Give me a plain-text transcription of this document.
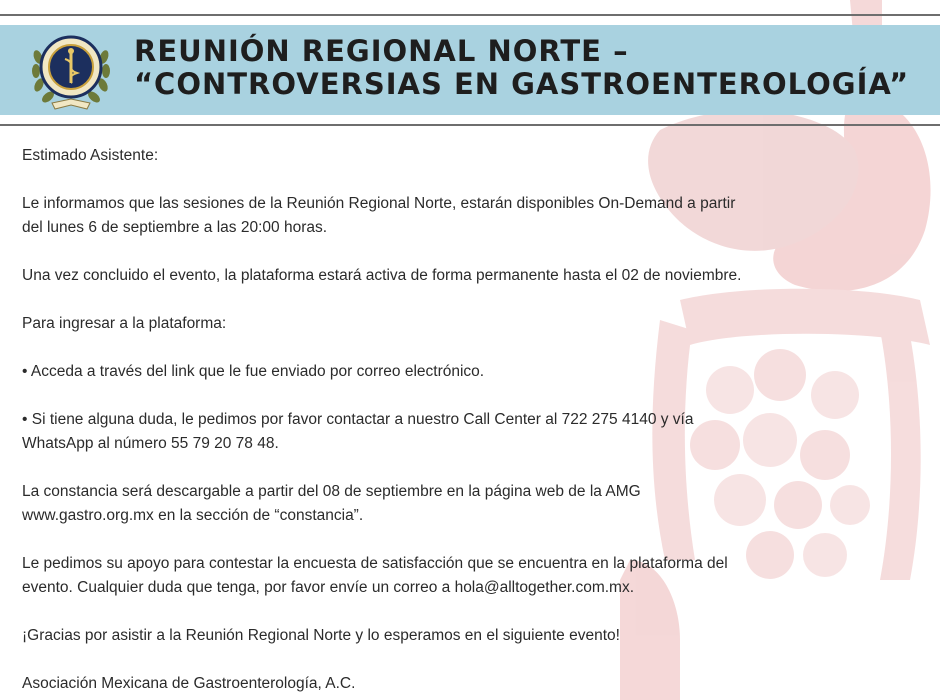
REUNIÓN REGIONAL NORTE –
“CONTROVERSIAS EN GASTROENTEROLOGÍA”

Estimado Asistente:

Le informamos que las sesiones de la Reunión Regional Norte, estarán disponibles On-Demand a partir
del lunes 6 de septiembre a las 20:00 horas.

Una vez concluido el evento, la plataforma estará activa de forma permanente hasta el 02 de noviembre.

Para ingresar a la plataforma:

• Acceda a través del link que le fue enviado por correo electrónico.

• Si tiene alguna duda, le pedimos por favor contactar a nuestro Call Center al 722 275 4140 y vía
WhatsApp al número 55 79 20 78 48.

La constancia será descargable a partir del 08 de septiembre en la página web de la AMG
www.gastro.org.mx en la sección de “constancia”.

Le pedimos su apoyo para contestar la encuesta de satisfacción que se encuentra en la plataforma del
evento. Cualquier duda que tenga, por favor envíe un correo a hola@alltogether.com.mx.

¡Gracias por asistir a la Reunión Regional Norte y lo esperamos en el siguiente evento!

Asociación Mexicana de Gastroenterología, A.C.
